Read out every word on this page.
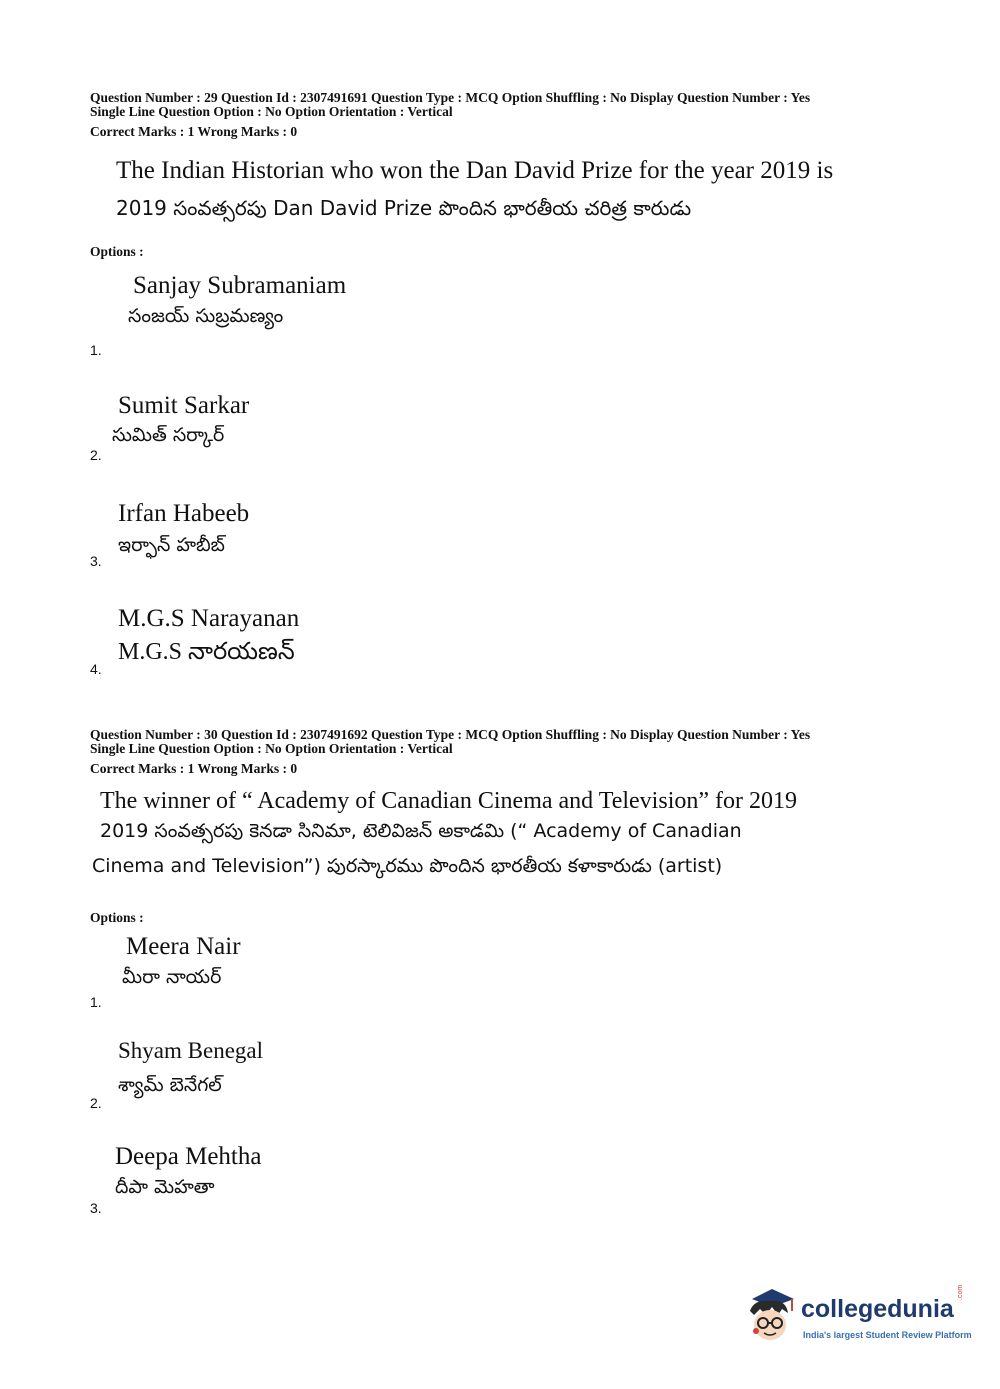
Question Number : 29 Question Id : 2307491691 Question Type : MCQ Option Shuffling : No Display Question Number : Yes
Single Line Question Option : No Option Orientation : Vertical
Correct Marks : 1 Wrong Marks : 0
The Indian Historian who won the Dan David Prize for the year 2019 is
2019 సంవత్సరపు Dan David Prize పొందిన భారతీయ చరిత్ర కారుడు
Options :
Sanjay Subramaniam
సంజయ్ సుబ్రమణ్యం
1.
Sumit Sarkar
సుమిత్ సర్కార్
2.
Irfan Habeeb
ఇర్ఫాన్ హబీబ్
3.
M.G.S Narayanan
M.G.S నారయణన్
4.
Question Number : 30 Question Id : 2307491692 Question Type : MCQ Option Shuffling : No Display Question Number : Yes
Single Line Question Option : No Option Orientation : Vertical
Correct Marks : 1 Wrong Marks : 0
The winner of “ Academy of Canadian Cinema and Television” for 2019
2019 సంవత్సరపు కెనడా సినిమా, టెలివిజన్ అకాడమి (“ Academy of Canadian
Cinema and Television”) పురస్కారము పొందిన భారతీయ కళాకారుడు (artist)
Options :
Meera Nair
మీరా నాయర్
1.
Shyam Benegal
శ్యామ్ బెనేగల్
2.
Deepa Mehtha
దీపా మెహతా
3.
collegedunia
.com
India's largest Student Review Platform
